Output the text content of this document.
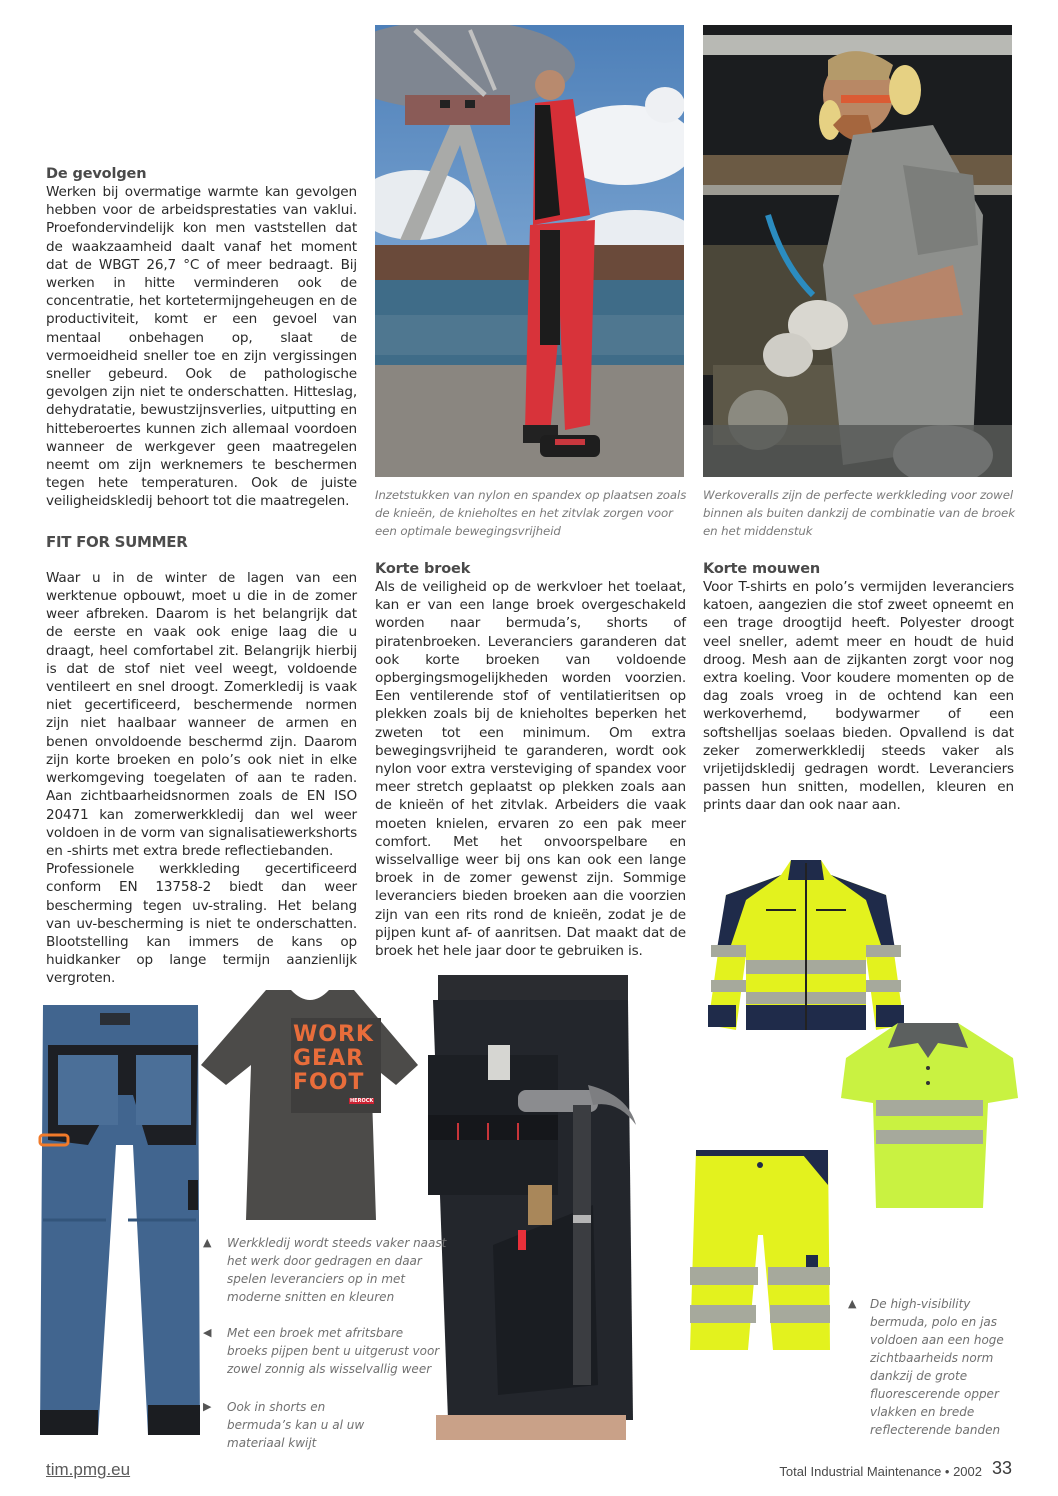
De gevolgen

Werken bij overmatige warmte kan gevolgen hebben voor de arbeidsprestaties van vaklui. Proefondervindelijk kon men vaststellen dat de waakzaamheid daalt vanaf het moment dat de WBGT 26,7 °C of meer bedraagt. Bij werken in hitte verminderen ook de concentratie, het kortetermijngeheugen en de productiviteit, komt er een gevoel van mentaal onbehagen op, slaat de vermoeidheid sneller toe en zijn vergissingen sneller gebeurd. Ook de pathologische gevolgen zijn niet te onderschatten. Hitteslag, dehydratatie, bewustzijnsverlies, uitputting en hitteberoertes kunnen zich allemaal voordoen wanneer de werkgever geen maatregelen neemt om zijn werknemers te beschermen tegen hete temperaturen. Ook de juiste veiligheidskledij behoort tot die maatregelen.

FIT FOR SUMMER

Waar u in de winter de lagen van een werktenue opbouwt, moet u die in de zomer weer afbreken. Daarom is het belangrijk dat de eerste en vaak ook enige laag die u draagt, heel comfortabel zit. Belangrijk hierbij is dat de stof niet veel weegt, voldoende ventileert en snel droogt. Zomerkledij is vaak niet gecertificeerd, beschermende normen zijn niet haalbaar wanneer de armen en benen onvoldoende beschermd zijn. Daarom zijn korte broeken en polo’s ook niet in elke werkomgeving toegelaten of aan te raden. Aan zichtbaarheidsnormen zoals de EN ISO 20471 kan zomerwerkkledij dan wel weer voldoen in de vorm van signalisatiewerkshorts en -shirts met extra brede reflectiebanden.

Professionele werkkleding gecertificeerd conform EN 13758-2 biedt dan weer bescherming tegen uv-straling. Het belang van uv-bescherming is niet te onderschatten. Blootstelling kan immers de kans op huidkanker op lange termijn aanzienlijk vergroten.

Inzetstukken van nylon en spandex op plaatsen zoals de knieën, de knieholtes en het zitvlak zorgen voor een optimale bewegingsvrijheid
Werkoveralls zijn de perfecte werkkleding voor zowel binnen als buiten dankzij de combinatie van de broek en het middenstuk
Korte broek

Als de veiligheid op de werkvloer het toelaat, kan er van een lange broek overgeschakeld worden naar bermuda’s, shorts of piratenbroeken. Leveranciers garanderen dat ook korte broeken van voldoende opbergingsmogelijkheden worden voorzien. Een ventilerende stof of ventilatieritsen op plekken zoals bij de knieholtes beperken het zweten tot een minimum. Om extra bewegingsvrijheid te garanderen, wordt ook nylon voor extra versteviging of spandex voor meer stretch geplaatst op plekken zoals aan de knieën of het zitvlak. Arbeiders die vaak moeten knielen, ervaren zo een pak meer comfort. Met het onvoorspelbare en wisselvallige weer bij ons kan ook een lange broek in de zomer gewenst zijn. Sommige leveranciers bieden broeken aan die voorzien zijn van een rits rond de knieën, zodat je de pijpen kunt af- of aanritsen. Dat maakt dat de broek het hele jaar door te gebruiken is.

Korte mouwen

Voor T-shirts en polo’s vermijden leveranciers katoen, aangezien die stof zweet opneemt en een trage droogtijd heeft. Polyester droogt veel sneller, ademt meer en houdt de huid droog. Mesh aan de zijkanten zorgt voor nog extra koeling. Voor koudere momenten op de dag zoals vroeg in de ochtend kan een werkoverhemd, bodywarmer of een softshelljas soelaas bieden. Opvallend is dat zeker zomerwerkkledij steeds vaker als vrijetijdskledij gedragen wordt. Leveranciers passen hun snitten, modellen, kleuren en prints daar dan ook naar aan.

WORK
GEAR
FOOT
HEROCK
▲ Werkkledij wordt steeds vaker naast het werk door gedragen en daar spelen leveranciers op in met moderne snitten en kleuren
◀ Met een broek met afritsbare broeks pijpen bent u uitgerust voor zowel zonnig als wisselvallig weer
▶ Ook in shorts en bermuda’s kan u al uw materiaal kwijt
▲ De high-visibility bermuda, polo en jas voldoen aan een hoge zichtbaarheids norm dankzij de grote fluorescerende opper vlakken en brede reflecterende banden
tim.pmg.eu	Total Industrial Maintenance • 2002 33
